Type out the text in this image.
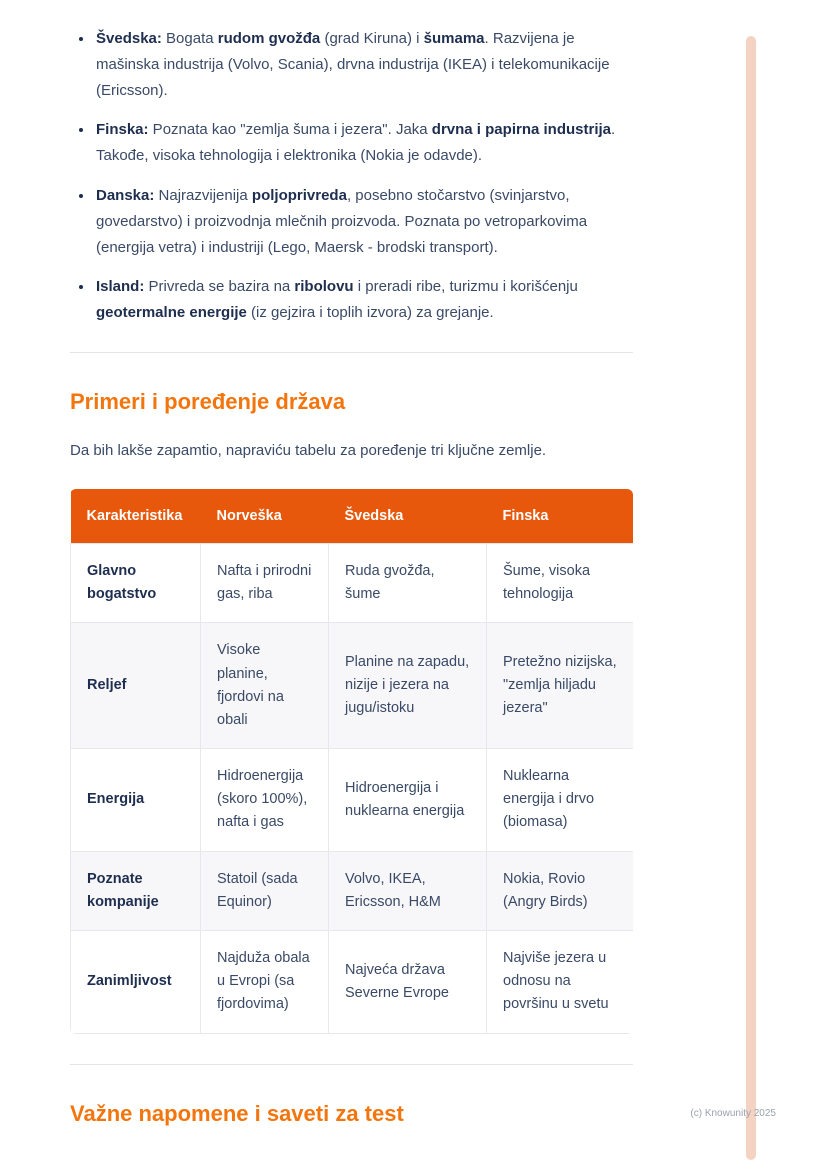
• Švedska: Bogata rudom gvožđa (grad Kiruna) i šumama. Razvijena je mašinska industrija (Volvo, Scania), drvna industrija (IKEA) i telekomunikacije (Ericsson).
• Finska: Poznata kao "zemlja šuma i jezera". Jaka drvna i papirna industrija. Takođe, visoka tehnologija i elektronika (Nokia je odavde).
• Danska: Najrazvijenija poljoprivreda, posebno stočarstvo (svinjarstvo, govedarstvo) i proizvodnja mlečnih proizvoda. Poznata po vetroparkovima (energija vetra) i industriji (Lego, Maersk - brodski transport).
• Island: Privreda se bazira na ribolovu i preradi ribe, turizmu i korišćenju geotermalne energije (iz gejzira i toplih izvora) za grejanje.
Primeri i poređenje država

Da bih lakše zapamtio, napraviću tabelu za poređenje tri ključne zemlje.

Karakteristika	Norveška	Švedska	Finska
Glavno bogatstvo	Nafta i prirodni gas, riba	Ruda gvožđa, šume	Šume, visoka tehnologija
Reljef	Visoke planine, fjordovi na obali	Planine na zapadu, nizije i jezera na jugu/istoku	Pretežno nizijska, "zemlja hiljadu jezera"
Energija	Hidroenergija (skoro 100%), nafta i gas	Hidroenergija i nuklearna energija	Nuklearna energija i drvo (biomasa)
Poznate kompanije	Statoil (sada Equinor)	Volvo, IKEA, Ericsson, H&M	Nokia, Rovio (Angry Birds)
Zanimljivost	Najduža obala u Evropi (sa fjordovima)	Najveća država Severne Evrope	Najviše jezera u odnosu na površinu u svetu
Važne napomene i saveti za test	(c) Knowunity 2025
